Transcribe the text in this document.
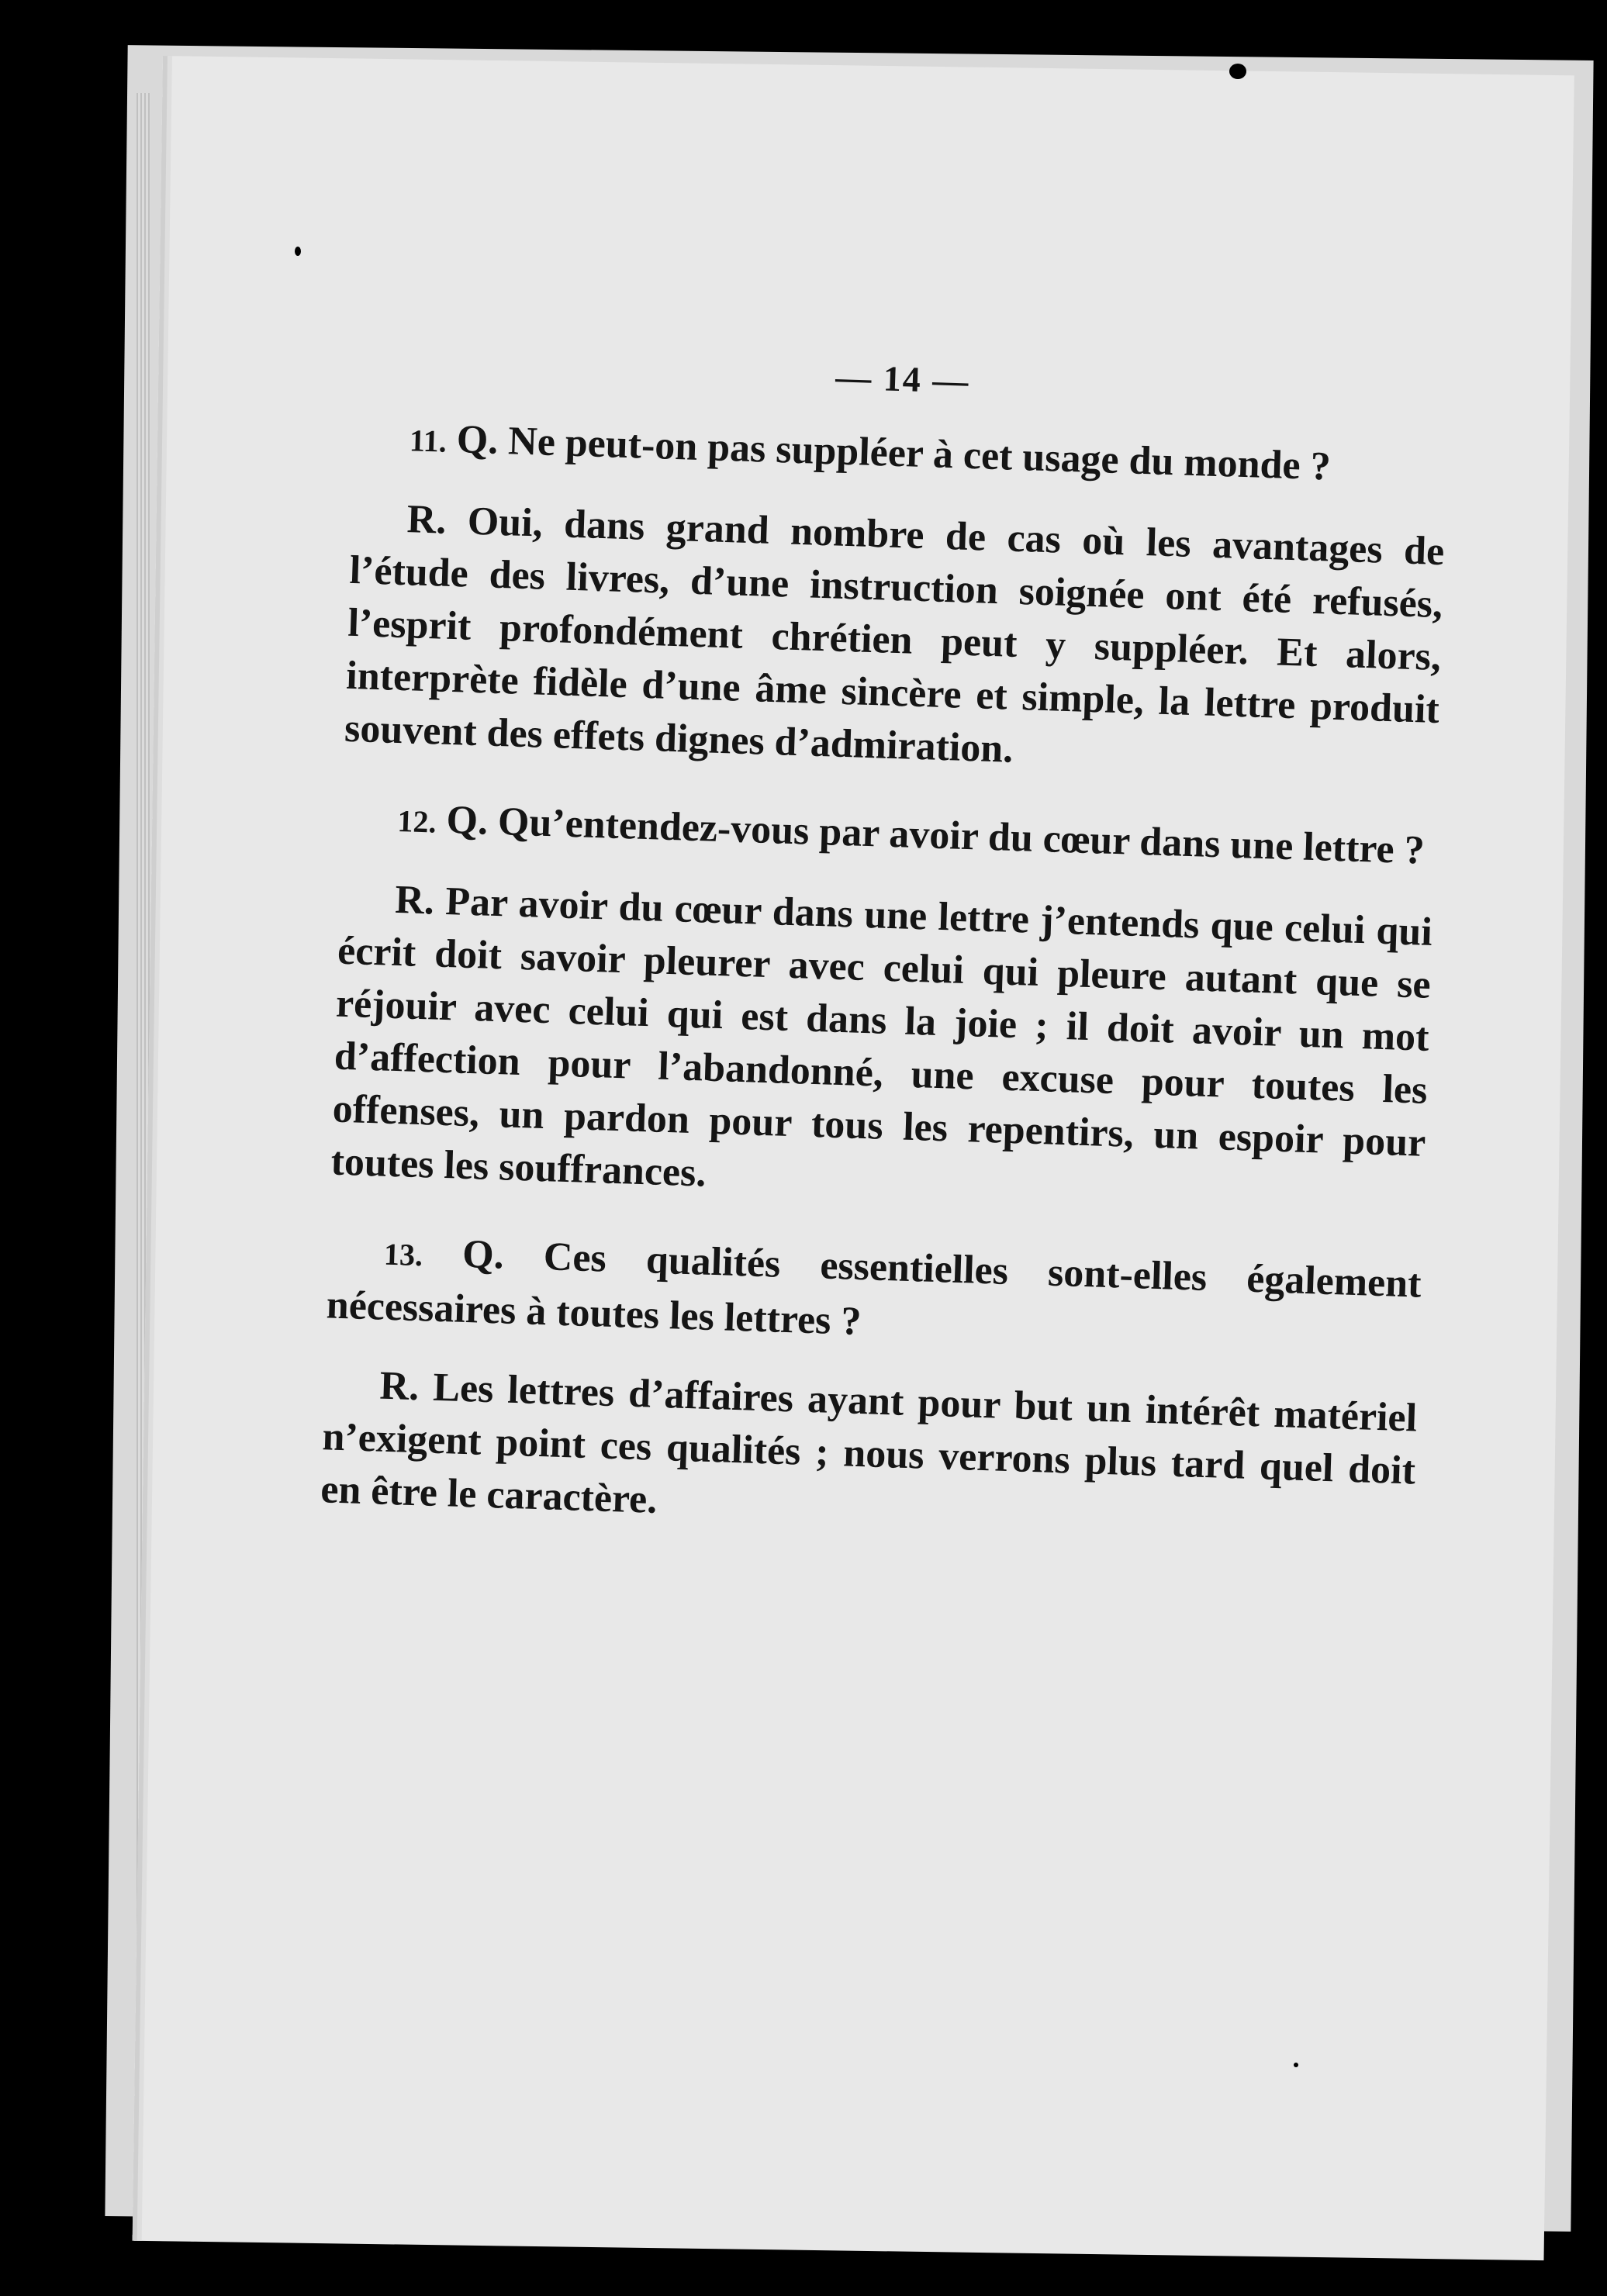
— 14 —

11. Q. Ne peut-on pas suppléer à cet usage du monde ?

R. Oui, dans grand nombre de cas où les avantages de l’étude des livres, d’une instruction soignée ont été refusés, l’esprit profondément chrétien peut y suppléer. Et alors, interprète fidèle d’une âme sincère et simple, la lettre produit souvent des effets dignes d’admiration.

12. Q. Qu’entendez-vous par avoir du cœur dans une lettre ?

R. Par avoir du cœur dans une lettre j’entends que celui qui écrit doit savoir pleurer avec celui qui pleure autant que se réjouir avec celui qui est dans la joie ; il doit avoir un mot d’affection pour l’abandonné, une excuse pour toutes les offenses, un pardon pour tous les repentirs, un espoir pour toutes les souffrances.

13. Q. Ces qualités essentielles sont-elles également nécessaires à toutes les lettres ?

R. Les lettres d’affaires ayant pour but un intérêt matériel n’exigent point ces qualités ; nous verrons plus tard quel doit en être le caractère.
